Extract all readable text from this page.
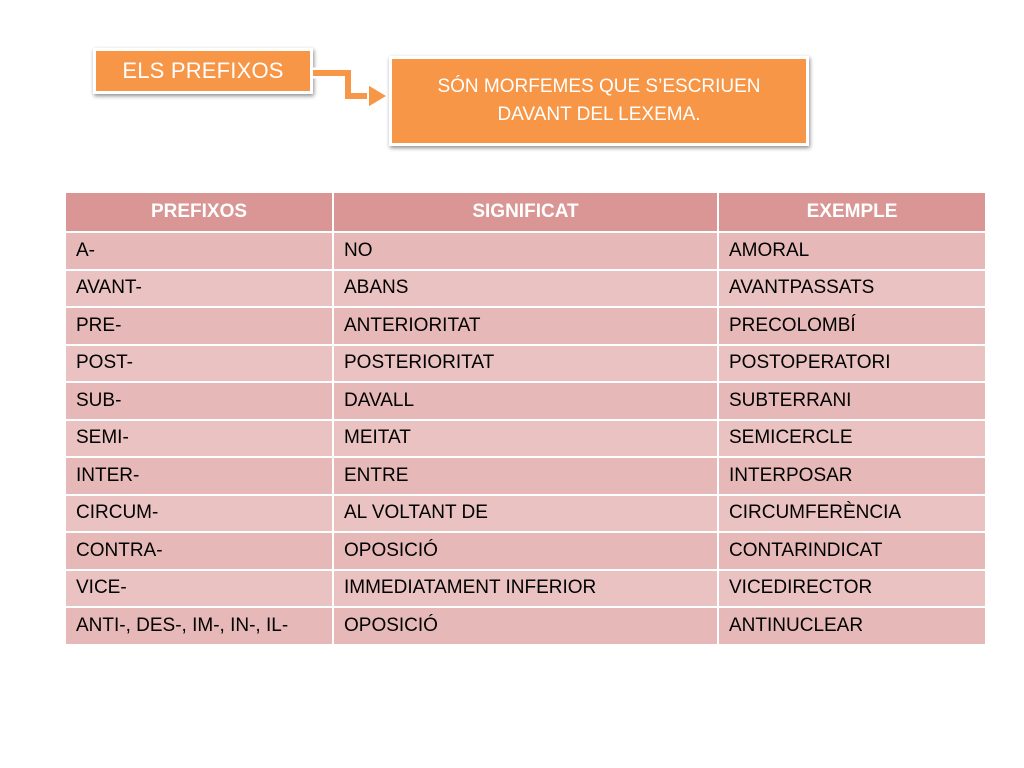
ELS PREFIXOS
SÓN MORFEMES QUE S’ESCRIUEN
DAVANT DEL LEXEMA.
PREFIXOS	SIGNIFICAT	EXEMPLE
A-	NO	AMORAL
AVANT-	ABANS	AVANTPASSATS
PRE-	ANTERIORITAT	PRECOLOMBÍ
POST-	POSTERIORITAT	POSTOPERATORI
SUB-	DAVALL	SUBTERRANI
SEMI-	MEITAT	SEMICERCLE
INTER-	ENTRE	INTERPOSAR
CIRCUM-	AL VOLTANT DE	CIRCUMFERÈNCIA
CONTRA-	OPOSICIÓ	CONTARINDICAT
VICE-	IMMEDIATAMENT INFERIOR	VICEDIRECTOR
ANTI-, DES-, IM-, IN-, IL-	OPOSICIÓ	ANTINUCLEAR
